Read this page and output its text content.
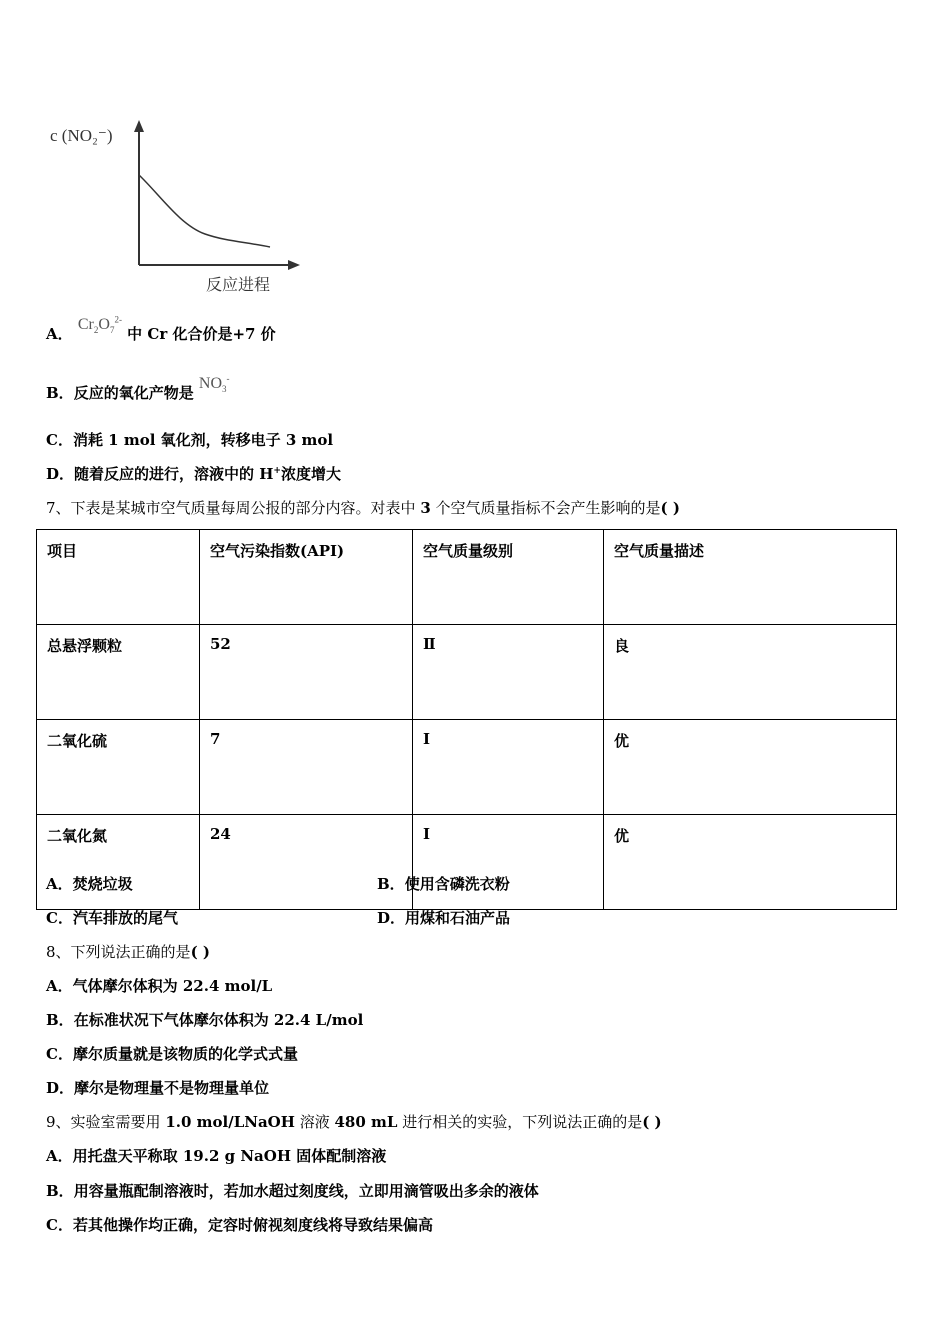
c (NO₂⁻)
反应进程
A． $Cr_2O_7^{2-}$ 中 Cr 化合价是+7 价
B．反应的氧化产物是 $NO_3^-$
C．消耗 1 mol 氧化剂，转移电子 3 mol
D．随着反应的进行，溶液中的 H+浓度增大
7、下表是某城市空气质量每周公报的部分内容。对表中 3 个空气质量指标不会产生影响的是( )
项目	空气污染指数(API)	空气质量级别	空气质量描述
总悬浮颗粒	52	Ⅱ	良
二氧化硫	7	I	优
二氧化氮	24	I	优
A．焚烧垃圾	B．使用含磷洗衣粉
C．汽车排放的尾气	D．用煤和石油产品
8、下列说法正确的是( )
A．气体摩尔体积为 22.4 mol/L
B．在标准状况下气体摩尔体积为 22.4 L/mol
C．摩尔质量就是该物质的化学式式量
D．摩尔是物理量不是物理量单位
9、实验室需要用 1.0 mol/LNaOH 溶液 480 mL 进行相关的实验，下列说法正确的是( )
A．用托盘天平称取 19.2 g NaOH 固体配制溶液
B．用容量瓶配制溶液时，若加水超过刻度线，立即用滴管吸出多余的液体
C．若其他操作均正确，定容时俯视刻度线将导致结果偏高
